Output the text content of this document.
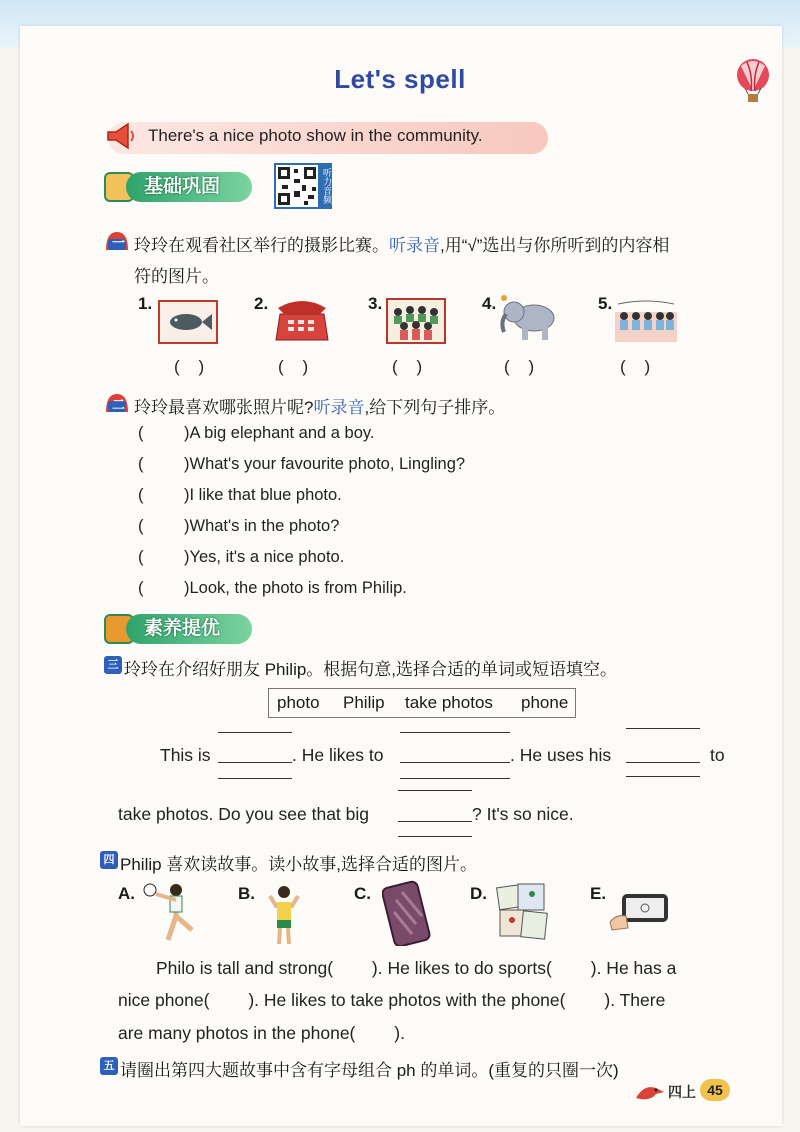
Let's spell
There's a nice photo show in the community.
基础巩固	听力音频
一 玲玲在观看社区举行的摄影比赛。听录音,用“√”选出与你所听到的内容相
符的图片。
1.	2.	3.	4.	5.
(    )	(    )	(    )	(    )	(    )
二 玲玲最喜欢哪张照片呢?听录音,给下列句子排序。
( )A big elephant and a boy.
( )What's your favourite photo, Lingling?
( )I like that blue photo.
( )What's in the photo?
( )Yes, it's a nice photo.
( )Look, the photo is from Philip.
素养提优
三 玲玲在介绍好朋友 Philip。根据句意,选择合适的单词或短语填空。
photo Philip take photos phone
This is	. He likes to	. He uses his	to
take photos. Do you see that big	? It's so nice.
四 Philip 喜欢读故事。读小故事,选择合适的图片。
A.	B.	C.	D.	E.
Philo is tall and strong(        ). He likes to do sports(        ). He has a
nice phone(        ). He likes to take photos with the phone(        ). There
are many photos in the phone(        ).
五 请圈出第四大题故事中含有字母组合 ph 的单词。(重复的只圈一次)
四上 45
